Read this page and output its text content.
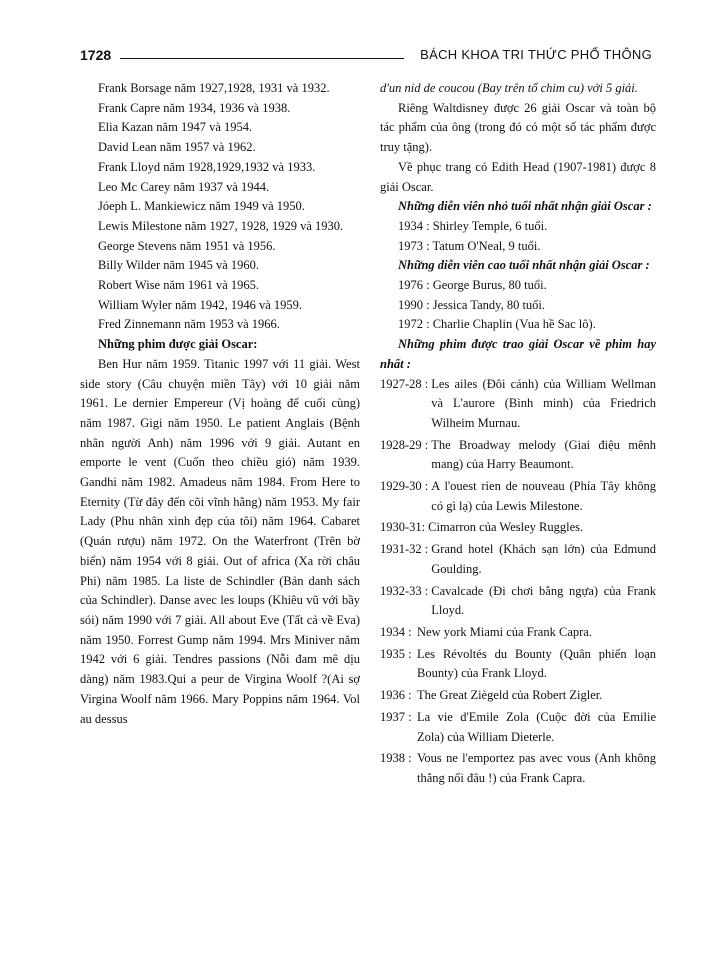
1728	BÁCH KHOA TRI THỨC PHỔ THÔNG

Frank Borsage năm 1927,1928, 1931 và 1932.

Frank Capre năm 1934, 1936 và 1938.

Elia Kazan năm 1947 và 1954.

David Lean năm 1957 và 1962.

Frank Lloyd năm 1928,1929,1932 và 1933.

Leo Mc Carey năm 1937 và 1944.

Jóeph L. Mankiewicz năm 1949 và 1950.

Lewis Milestone năm 1927, 1928, 1929 và 1930.

George Stevens năm 1951 và 1956.

Billy Wilder năm 1945 và 1960.

Robert Wise năm 1961 và 1965.

William Wyler năm 1942, 1946 và 1959.

Fred Zinnemann năm 1953 và 1966.

Những phim được giải Oscar:

Ben Hur năm 1959. Titanic 1997 với 11 giải. West side story (Câu chuyện miền Tây) với 10 giải năm 1961. Le dernier Empereur (Vị hoàng đế cuối cùng) năm 1987. Gigi năm 1950. Le patient Anglais (Bệnh nhân người Anh) năm 1996 với 9 giải. Autant en emporte le vent (Cuốn theo chiều gió) năm 1939. Gandhi năm 1982. Amadeus năm 1984. From Here to Eternity (Từ đây đến cõi vĩnh hằng) năm 1953. My fair Lady (Phu nhân xinh đẹp của tôi) năm 1964. Cabaret (Quán rượu) năm 1972. On the Waterfront (Trên bờ biển) năm 1954 với 8 giải. Out of africa (Xa rời châu Phi) năm 1985. La liste de Schindler (Bản danh sách của Schindler). Danse avec les loups (Khiêu vũ với bầy sói) năm 1990 với 7 giải. All about Eve (Tất cả về Eva) năm 1950. Forrest Gump năm 1994. Mrs Miniver năm 1942 với 6 giải. Tendres passions (Nỗi đam mê dịu dàng) năm 1983.Qui a peur de Virgina Woolf ?(Ai sợ Virgina Woolf năm 1966. Mary Poppins năm 1964. Vol au dessus

d'un nid de coucou (Bay trên tổ chim cu) với 5 giải.

Riêng Waltdisney được 26 giải Oscar và toàn bộ tác phẩm của ông (trong đó có một số tác phẩm được truy tặng).

Về phục trang có Edith Head (1907-1981) được 8 giải Oscar.

Những diễn viên nhỏ tuổi nhất nhận giải Oscar :

1934 : Shirley Temple, 6 tuổi.

1973 : Tatum O'Neal, 9 tuổi.

Những diễn viên cao tuổi nhất nhận giải Oscar :

1976 : George Burus, 80 tuổi.

1990 : Jessica Tandy, 80 tuổi.

1972 : Charlie Chaplin (Vua hề Sac lô).

Những phim được trao giải Oscar về phim hay nhất :

1927-28 : Les ailes (Đôi cánh) của William Wellman và L'aurore (Bình minh) của Friedrich Wilheim Murnau.
1928-29 : The Broadway melody (Giai điệu mênh mang) của Harry Beaumont.
1929-30 : A l'ouest rien de nouveau (Phía Tây không có gì lạ) của Lewis Milestone.
1930-31: Cimarron của Wesley Ruggles.
1931-32 : Grand hotel (Khách sạn lớn) của Edmund Goulding.
1932-33 : Cavalcade (Đi chơi bằng ngựa) của Frank Lloyd.
1934 : New york Miami của Frank Capra.
1935 : Les Révoltés du Bounty (Quân phiến loạn Bounty) của Frank Lloyd.
1936 : The Great Ziègeld của Robert Zigler.
1937 : La vie d'Emile Zola (Cuộc đời của Emilie Zola) của William Dieterle.
1938 : Vous ne l'emportez pas avec vous (Anh không thắng nổi đâu !) của Frank Capra.
